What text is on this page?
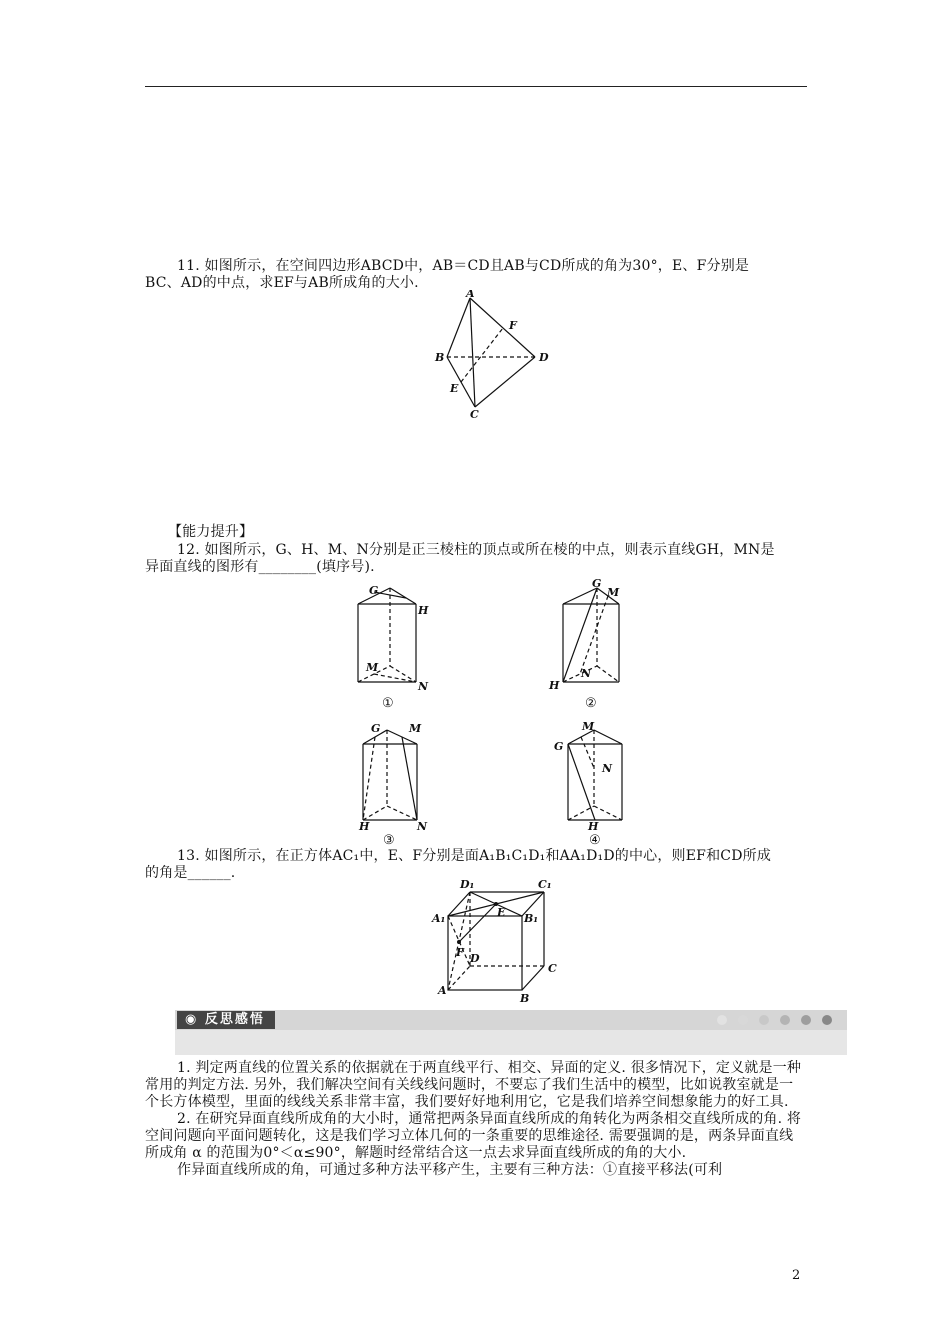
11. 如图所示，在空间四边形ABCD中，AB＝CD且AB与CD所成的角为30°，E、F分别是
BC、AD的中点，求EF与AB所成角的大小.
A
B
C
D
E
F
【能力提升】
12. 如图所示，G、H、M、N分别是正三棱柱的顶点或所在棱的中点，则表示直线GH，MN是
异面直线的图形有________(填序号).
G
H
M
N
①
G
M
H
N
②
G	M
H	N
③
M
G
N
H
④
13. 如图所示，在正方体AC₁中，E、F分别是面A₁B₁C₁D₁和AA₁D₁D的中心，则EF和CD所成
的角是______.
D₁	C₁
A₁	B₁
E
F D
C
A
B
◉ 反思感悟
1. 判定两直线的位置关系的依据就在于两直线平行、相交、异面的定义. 很多情况下，定义就是一种常用的判定方法. 另外，我们解决空间有关线线问题时，不要忘了我们生活中的模型，比如说教室就是一个长方体模型，里面的线线关系非常丰富，我们要好好地利用它，它是我们培养空间想象能力的好工具.
2. 在研究异面直线所成角的大小时，通常把两条异面直线所成的角转化为两条相交直线所成的角. 将空间问题向平面问题转化，这是我们学习立体几何的一条重要的思维途径. 需要强调的是，两条异面直线所成角 α 的范围为0°＜α≤90°，解题时经常结合这一点去求异面直线所成的角的大小.
作异面直线所成的角，可通过多种方法平移产生，主要有三种方法：①直接平移法(可利
2
